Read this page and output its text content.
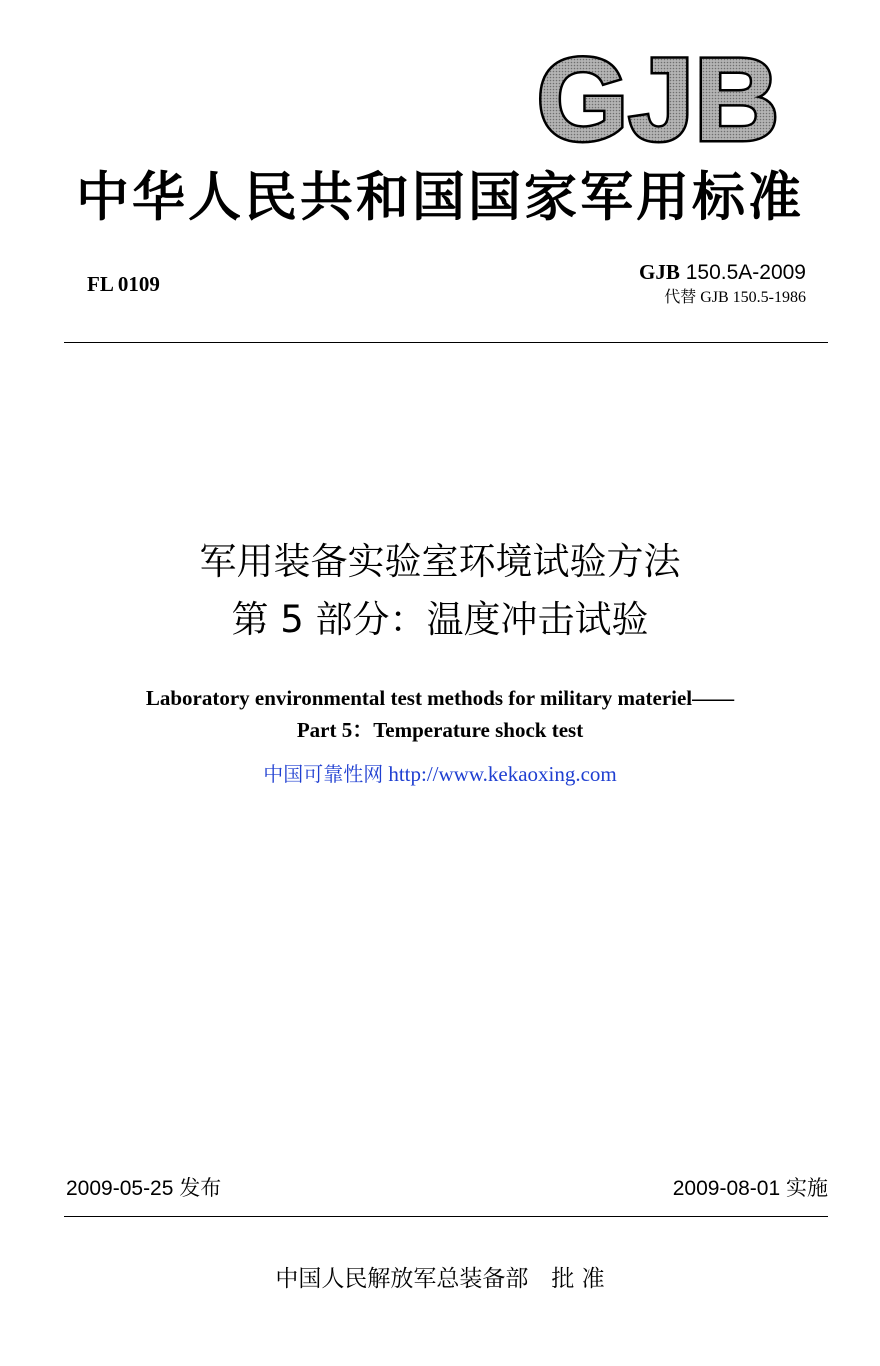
GJB
中华人民共和国国家军用标准
FL 0109	GJB 150.5A-2009
代替 GJB 150.5-1986
军用装备实验室环境试验方法
第 5 部分：温度冲击试验
Laboratory environmental test methods for military materiel——
Part 5：Temperature shock test
中国可靠性网 http://www.kekaoxing.com
2009-05-25 发布	2009-08-01 实施
中国人民解放军总装备部　批 准
